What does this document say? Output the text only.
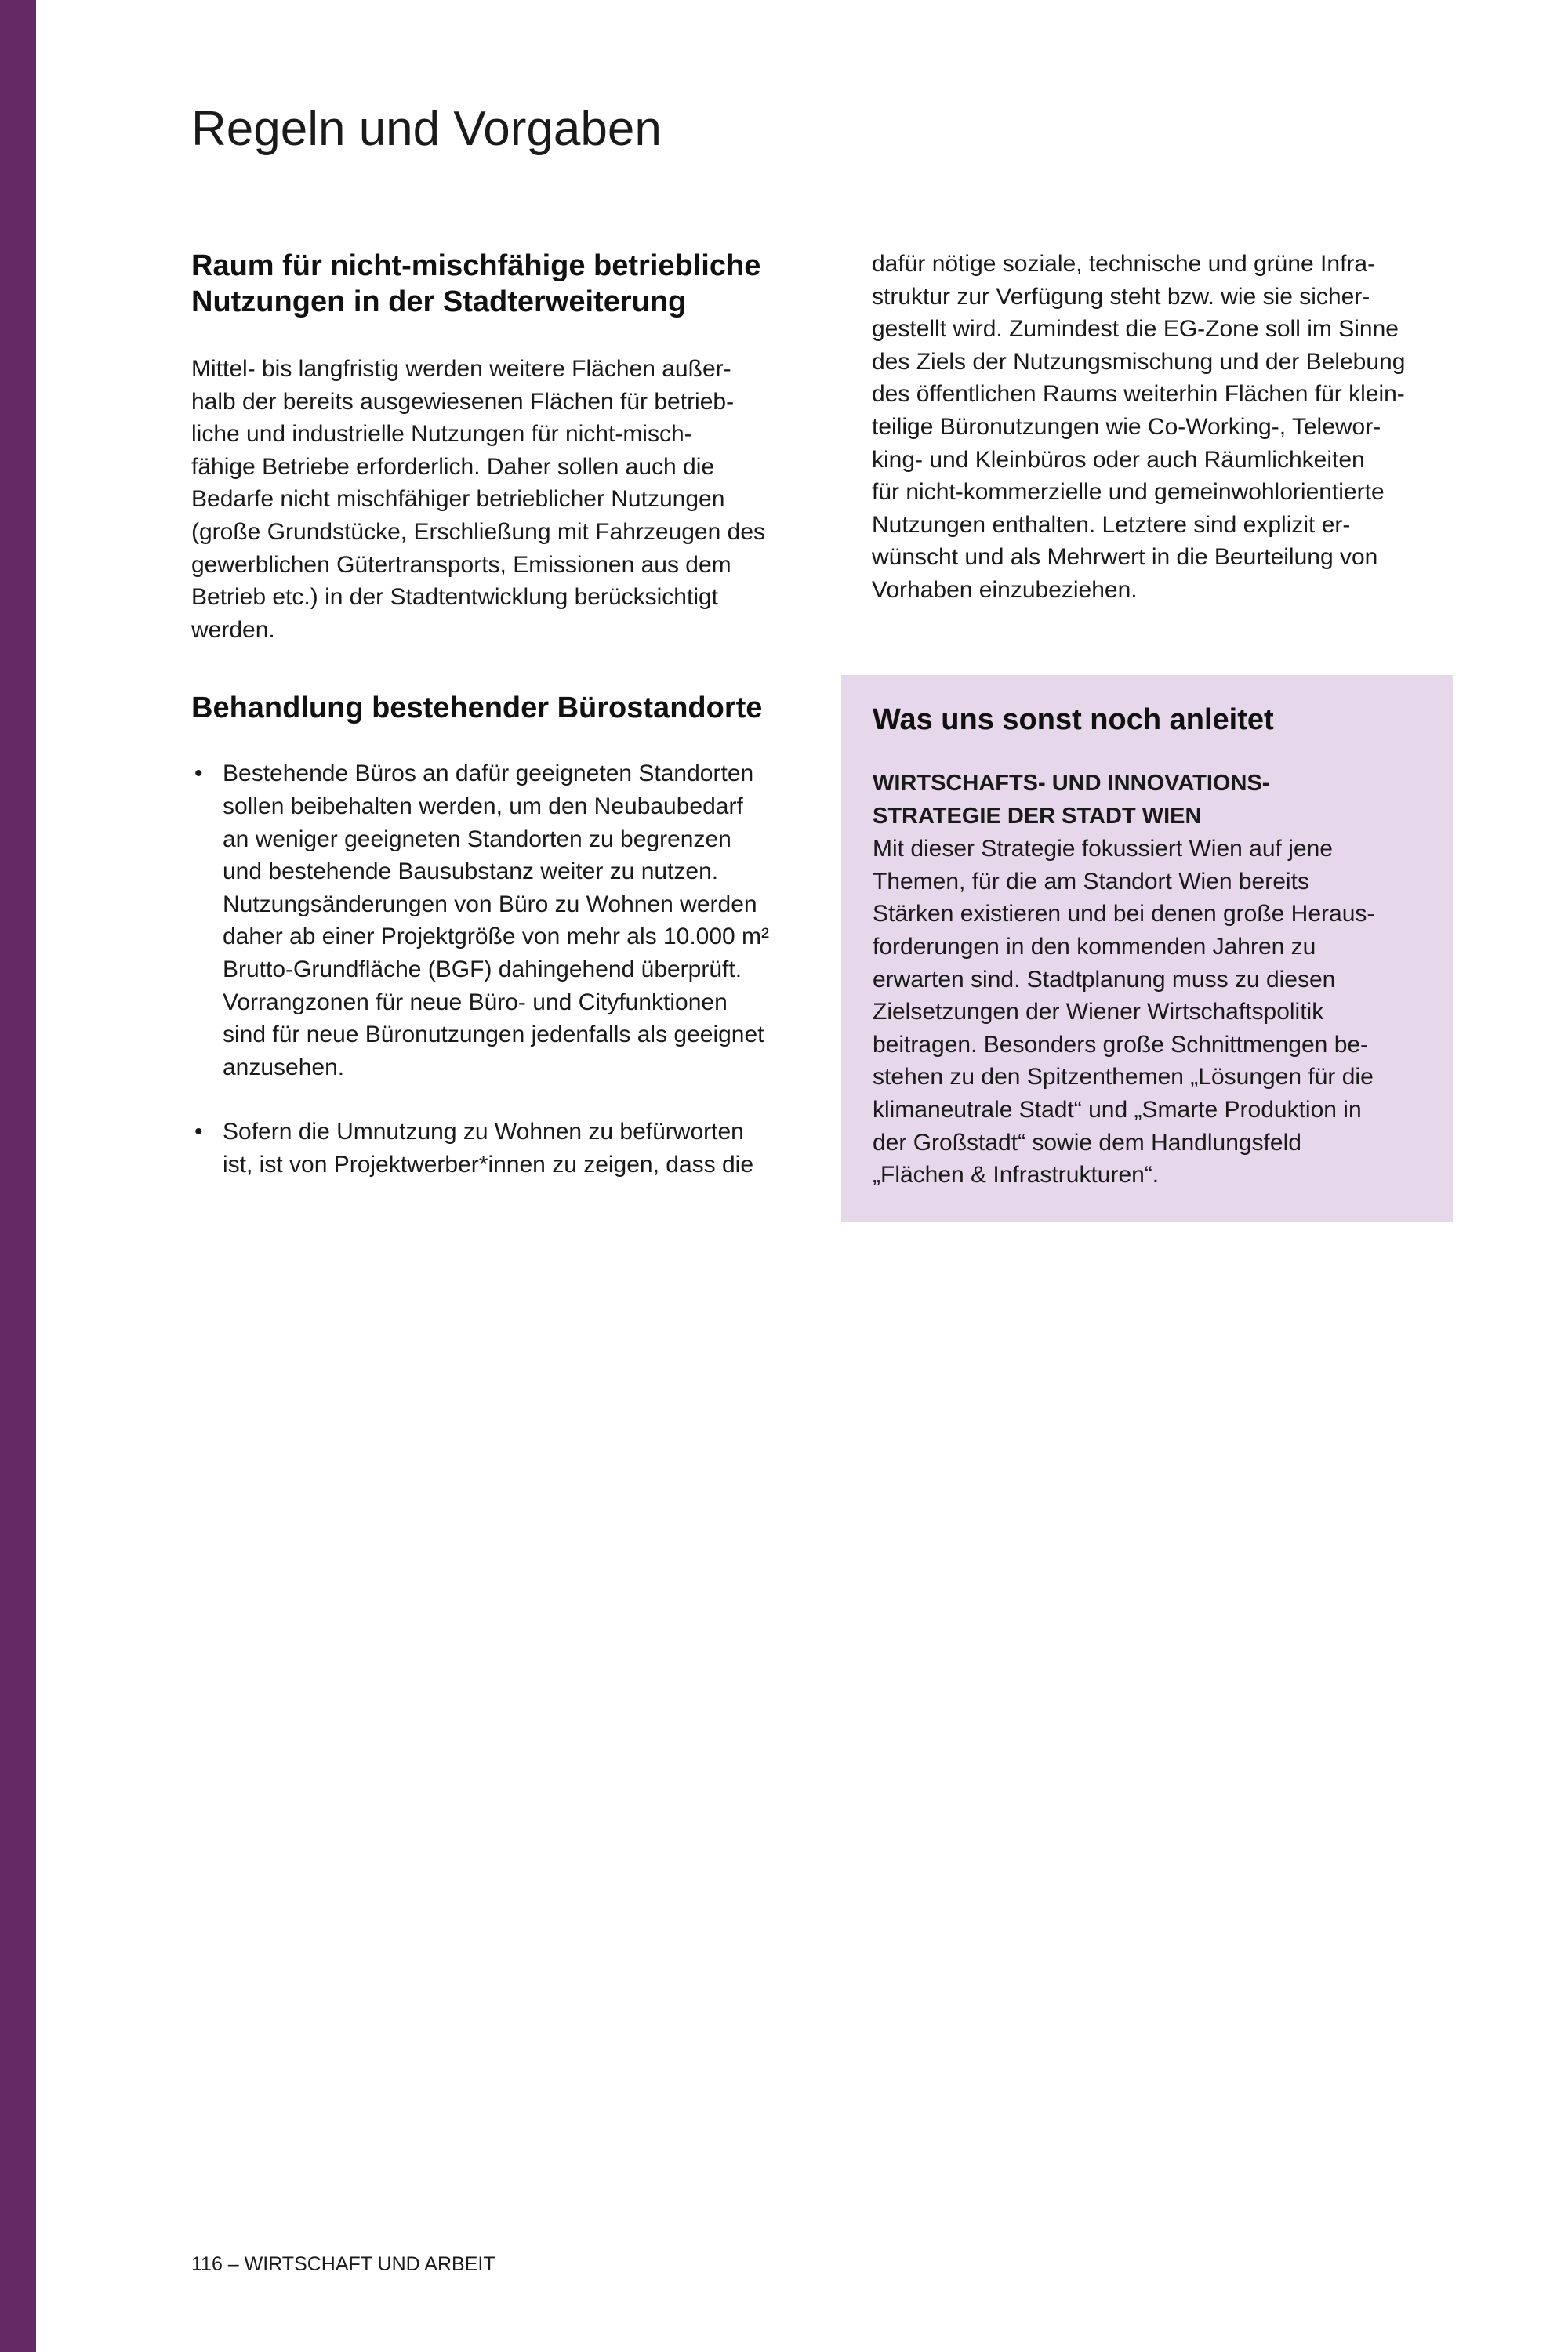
Regeln und Vorgaben
Raum für nicht-mischfähige betriebliche
Nutzungen in der Stadterweiterung

Mittel- bis langfristig werden weitere Flächen außer-
halb der bereits ausgewiesenen Flächen für betrieb-
liche und industrielle Nutzungen für nicht-misch-
fähige Betriebe erforderlich. Daher sollen auch die
Bedarfe nicht mischfähiger betrieblicher Nutzungen
(große Grundstücke, Erschließung mit Fahrzeugen des
gewerblichen Gütertransports, Emissionen aus dem
Betrieb etc.) in der Stadtentwicklung berücksichtigt
werden.

Behandlung bestehender Bürostandorte
• Bestehende Büros an dafür geeigneten Standorten
sollen beibehalten werden, um den Neubaubedarf
an weniger geeigneten Standorten zu begrenzen
und bestehende Bausubstanz weiter zu nutzen.
Nutzungsänderungen von Büro zu Wohnen werden
daher ab einer Projektgröße von mehr als 10.000 m²
Brutto-Grundfläche (BGF) dahingehend überprüft.
Vorrangzonen für neue Büro- und Cityfunktionen
sind für neue Büronutzungen jedenfalls als geeignet
anzusehen.
• Sofern die Umnutzung zu Wohnen zu befürworten
ist, ist von Projektwerber*innen zu zeigen, dass die

dafür nötige soziale, technische und grüne Infra-
struktur zur Verfügung steht bzw. wie sie sicher-
gestellt wird. Zumindest die EG-Zone soll im Sinne
des Ziels der Nutzungsmischung und der Belebung
des öffentlichen Raums weiterhin Flächen für klein-
teilige Büronutzungen wie Co-Working-, Telewor-
king- und Kleinbüros oder auch Räumlichkeiten
für nicht-kommerzielle und gemeinwohlorientierte
Nutzungen enthalten. Letztere sind explizit er-
wünscht und als Mehrwert in die Beurteilung von
Vorhaben einzubeziehen.

Was uns sonst noch anleitet
WIRTSCHAFTS- UND INNOVATIONS-
STRATEGIE DER STADT WIEN

Mit dieser Strategie fokussiert Wien auf jene
Themen, für die am Standort Wien bereits
Stärken existieren und bei denen große Heraus-
forderungen in den kommenden Jahren zu
erwarten sind. Stadtplanung muss zu diesen
Zielsetzungen der Wiener Wirtschaftspolitik
beitragen. Besonders große Schnittmengen be-
stehen zu den Spitzenthemen „Lösungen für die
klimaneutrale Stadt“ und „Smarte Produktion in
der Großstadt“ sowie dem Handlungsfeld
„Flächen & Infrastrukturen“.

116 – WIRTSCHAFT UND ARBEIT
